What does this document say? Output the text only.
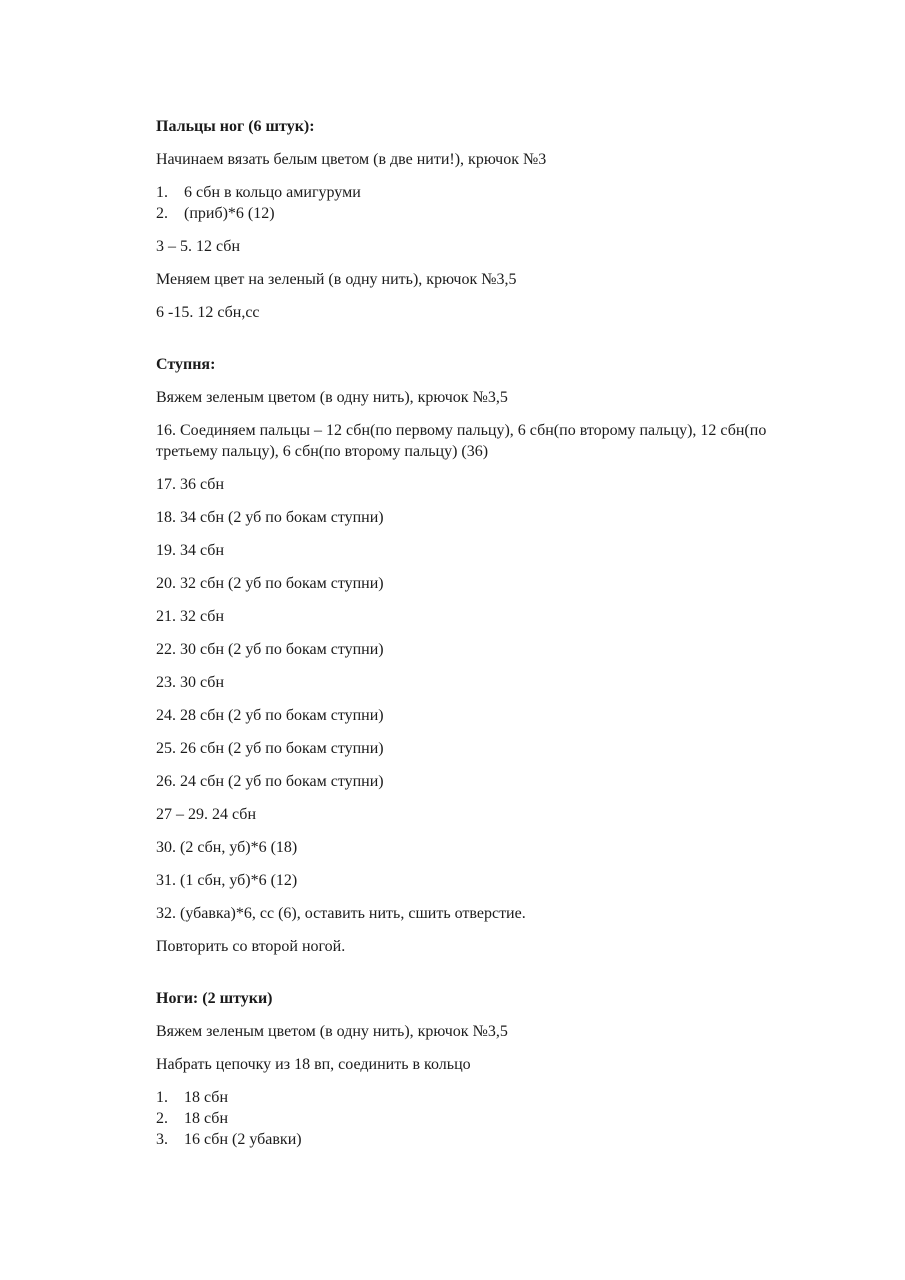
Пальцы ног (6 штук):

Начинаем вязать белым цветом (в две нити!), крючок №3

1.	6 сбн в кольцо амигуруми
2.	(приб)*6 (12)

3 – 5. 12 сбн

Меняем цвет на зеленый (в одну нить), крючок №3,5

6 -15. 12 сбн,сс

Ступня:

Вяжем зеленым цветом (в одну нить), крючок №3,5

16. Соединяем пальцы – 12 сбн(по первому пальцу), 6 сбн(по второму пальцу), 12 сбн(по третьему пальцу), 6 сбн(по второму пальцу) (36)

17. 36 сбн

18. 34 сбн (2 уб по бокам ступни)

19. 34 сбн

20. 32 сбн (2 уб по бокам ступни)

21. 32 сбн

22. 30 сбн (2 уб по бокам ступни)

23. 30 сбн

24. 28 сбн (2 уб по бокам ступни)

25. 26 сбн (2 уб по бокам ступни)

26. 24 сбн (2 уб по бокам ступни)

27 – 29. 24 сбн

30. (2 сбн, уб)*6 (18)

31. (1 сбн, уб)*6 (12)

32. (убавка)*6, сс (6), оставить нить, сшить отверстие.

Повторить со второй ногой.

Ноги: (2 штуки)

Вяжем зеленым цветом (в одну нить), крючок №3,5

Набрать цепочку из 18 вп, соединить в кольцо

1.	18 сбн
2.	18 сбн
3.	16 сбн (2 убавки)
